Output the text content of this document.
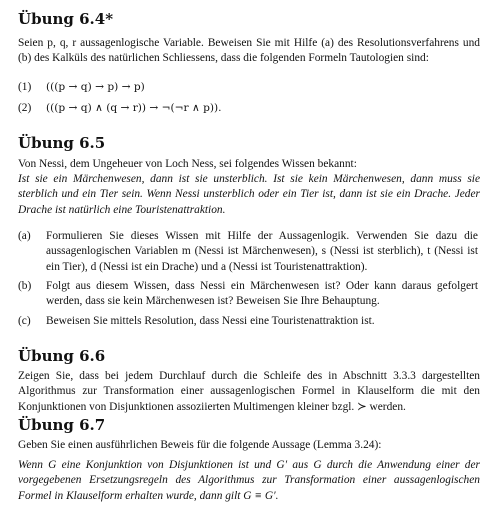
Übung 6.4*

Seien p, q, r aussagenlogische Variable. Beweisen Sie mit Hilfe (a) des Resolutionsverfahrens und (b) des Kalküls des natürlichen Schliessens, dass die folgenden Formeln Tautologien sind:

(1)	(((p → q) → p) → p)
(2)	(((p → q) ∧ (q → r)) → ¬(¬r ∧ p)).
Übung 6.5

Von Nessi, dem Ungeheuer von Loch Ness, sei folgendes Wissen bekannt:

Ist sie ein Märchenwesen, dann ist sie unsterblich. Ist sie kein Märchenwesen, dann muss sie sterblich und ein Tier sein. Wenn Nessi unsterblich oder ein Tier ist, dann ist sie ein Drache. Jeder Drache ist natürlich eine Touristenattraktion.

(a)	Formulieren Sie dieses Wissen mit Hilfe der Aussagenlogik. Verwenden Sie dazu die aussagenlogischen Variablen m (Nessi ist Märchenwesen), s (Nessi ist sterblich), t (Nessi ist ein Tier), d (Nessi ist ein Drache) und a (Nessi ist Touristenattraktion).
(b)	Folgt aus diesem Wissen, dass Nessi ein Märchenwesen ist? Oder kann daraus gefolgert werden, dass sie kein Märchenwesen ist? Beweisen Sie Ihre Behauptung.
(c)	Beweisen Sie mittels Resolution, dass Nessi eine Touristenattraktion ist.
Übung 6.6

Zeigen Sie, dass bei jedem Durchlauf durch die Schleife des in Abschnitt 3.3.3 dargestellten Algorithmus zur Transformation einer aussagenlogischen Formel in Klauselform die mit den Konjunktionen von Disjunktionen assoziierten Multimengen kleiner bzgl. ≻ werden.

Übung 6.7

Geben Sie einen ausführlichen Beweis für die folgende Aussage (Lemma 3.24):

Wenn G eine Konjunktion von Disjunktionen ist und G′ aus G durch die Anwendung einer der vorgegebenen Ersetzungsregeln des Algorithmus zur Transformation einer aussagenlogischen Formel in Klauselform erhalten wurde, dann gilt G ≡ G′.
